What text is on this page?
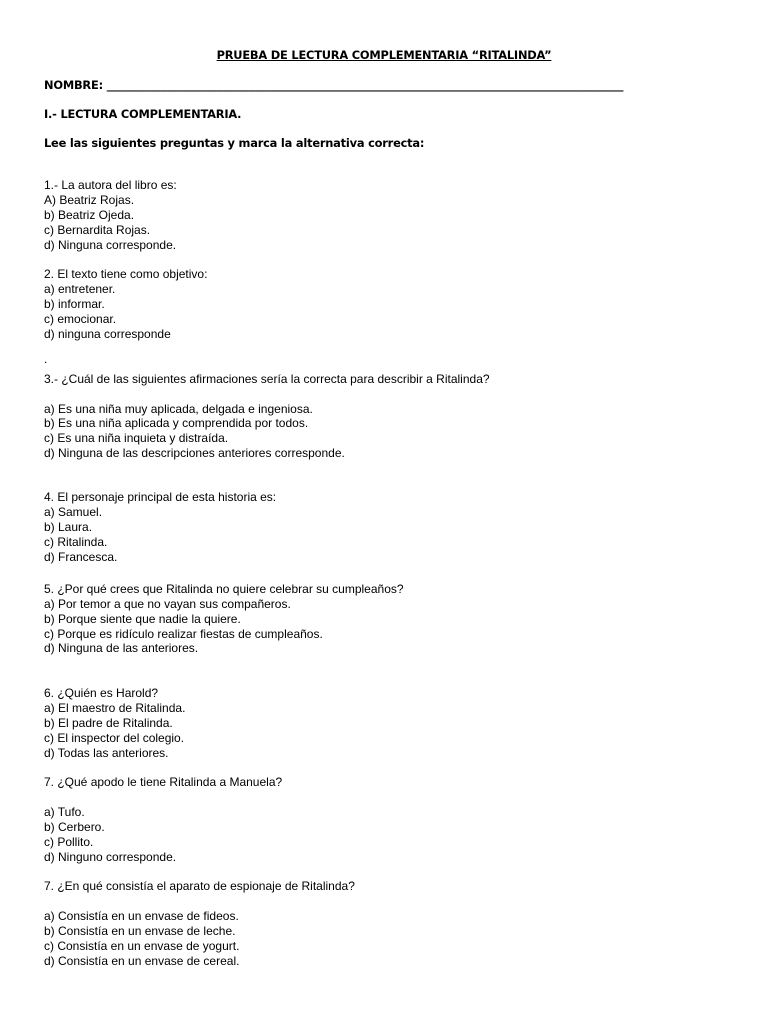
PRUEBA DE LECTURA COMPLEMENTARIA “RITALINDA”
NOMBRE: ______________________________________________________________________________________________
I.- LECTURA COMPLEMENTARIA.
Lee las siguientes preguntas y marca la alternativa correcta:
1.- La autora del libro es:
A) Beatriz Rojas.
b) Beatriz Ojeda.
c) Bernardita Rojas.
d) Ninguna corresponde.
2. El texto tiene como objetivo:
a) entretener.
b) informar.
c) emocionar.
d) ninguna corresponde
.
3.- ¿Cuál de las siguientes afirmaciones sería la correcta para describir a Ritalinda?
a) Es una niña muy aplicada, delgada e ingeniosa.
b) Es una niña aplicada y comprendida por todos.
c) Es una niña inquieta y distraída.
d) Ninguna de las descripciones anteriores corresponde.
4. El personaje principal de esta historia es:
a) Samuel.
b) Laura.
c) Ritalinda.
d) Francesca.
5. ¿Por qué crees que Ritalinda no quiere celebrar su cumpleaños?
a) Por temor a que no vayan sus compañeros.
b) Porque siente que nadie la quiere.
c) Porque es ridículo realizar fiestas de cumpleaños.
d) Ninguna de las anteriores.
6. ¿Quién es Harold?
a) El maestro de Ritalinda.
b) El padre de Ritalinda.
c) El inspector del colegio.
d) Todas las anteriores.
7. ¿Qué apodo le tiene Ritalinda a Manuela?
a) Tufo.
b) Cerbero.
c) Pollito.
d) Ninguno corresponde.
7. ¿En qué consistía el aparato de espionaje de Ritalinda?
a) Consistía en un envase de fideos.
b) Consistía en un envase de leche.
c) Consistía en un envase de yogurt.
d) Consistía en un envase de cereal.
